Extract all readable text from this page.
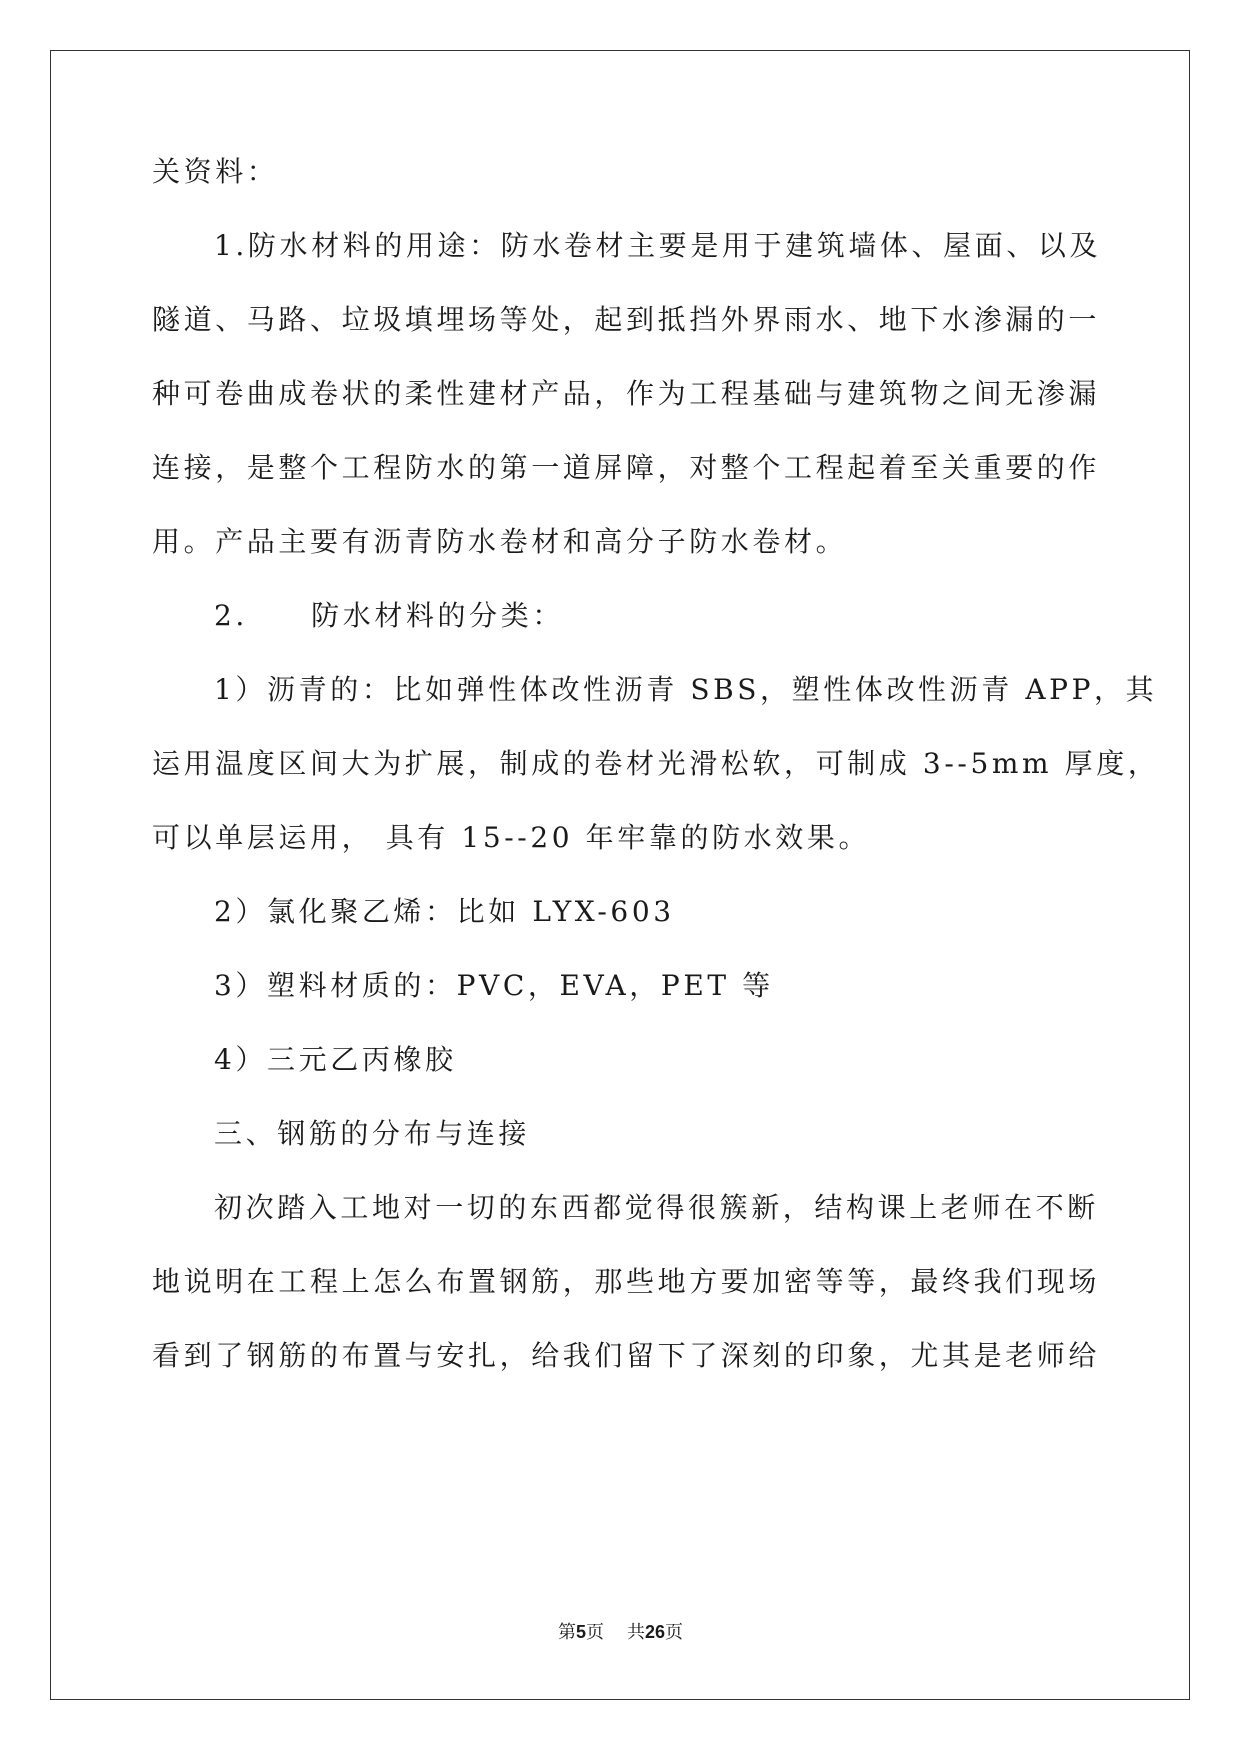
关资料：
1.防水材料的用途：防水卷材主要是用于建筑墙体、屋面、以及
隧道、马路、垃圾填埋场等处，起到抵挡外界雨水、地下水渗漏的一
种可卷曲成卷状的柔性建材产品，作为工程基础与建筑物之间无渗漏
连接，是整个工程防水的第一道屏障，对整个工程起着至关重要的作
用。产品主要有沥青防水卷材和高分子防水卷材。
2.　　防水材料的分类：
1）沥青的：比如弹性体改性沥青 SBS，塑性体改性沥青 APP，其
运用温度区间大为扩展，制成的卷材光滑松软，可制成 3--5mm 厚度，
可以单层运用， 具有 15--20 年牢靠的防水效果。
2）氯化聚乙烯：比如 LYX-603
3）塑料材质的：PVC，EVA，PET 等
4）三元乙丙橡胶
三、钢筋的分布与连接
初次踏入工地对一切的东西都觉得很簇新，结构课上老师在不断
地说明在工程上怎么布置钢筋，那些地方要加密等等，最终我们现场
看到了钢筋的布置与安扎，给我们留下了深刻的印象，尤其是老师给
第5页 共26页
